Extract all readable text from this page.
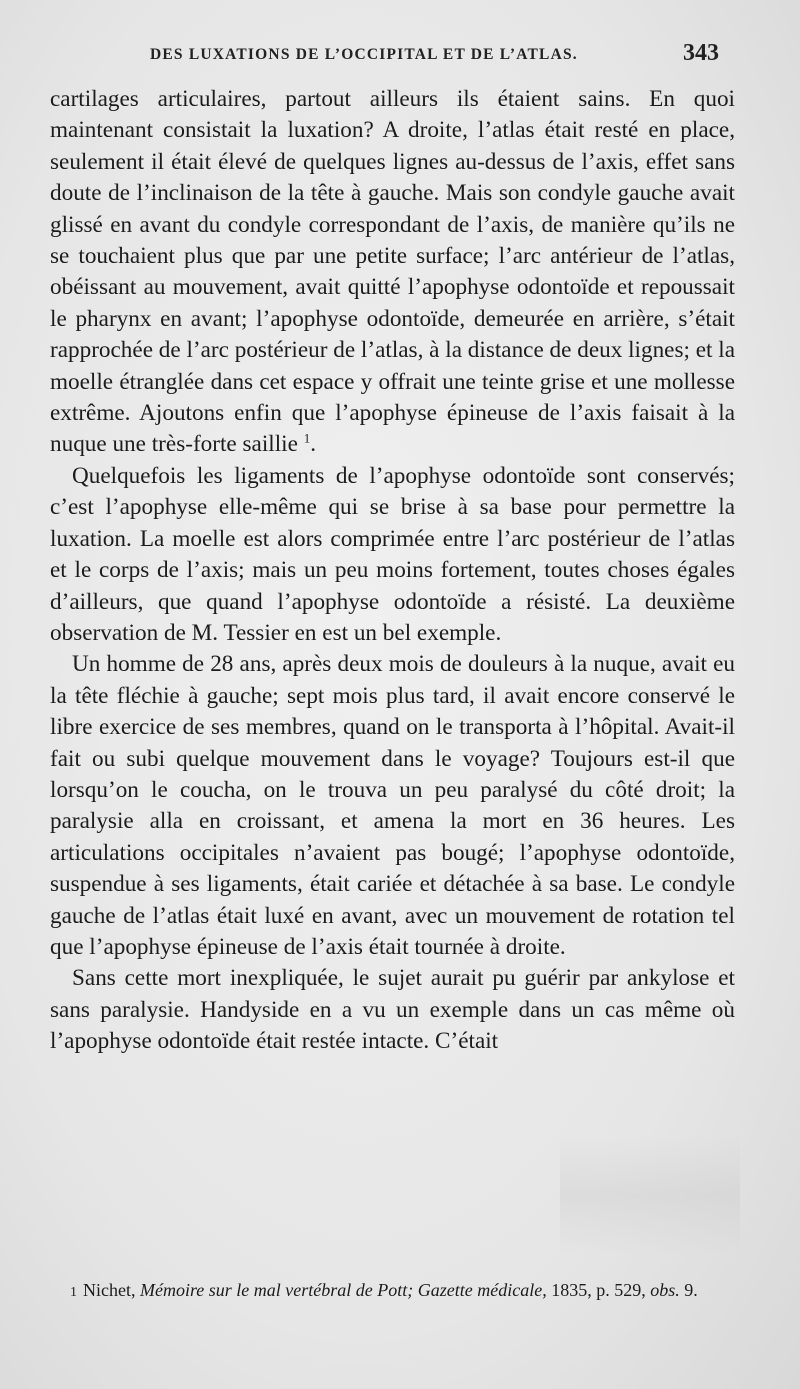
DES LUXATIONS DE L’OCCIPITAL ET DE L’ATLAS.	343

cartilages articulaires, partout ailleurs ils étaient sains. En quoi maintenant consistait la luxation? A droite, l’atlas était resté en place, seulement il était élevé de quelques lignes au-dessus de l’axis, effet sans doute de l’inclinaison de la tête à gauche. Mais son condyle gauche avait glissé en avant du condyle correspondant de l’axis, de manière qu’ils ne se touchaient plus que par une petite surface; l’arc antérieur de l’atlas, obéissant au mouvement, avait quitté l’apophyse odontoïde et repoussait le pharynx en avant; l’apophyse odontoïde, demeurée en arrière, s’était rapprochée de l’arc postérieur de l’atlas, à la distance de deux lignes; et la moelle étranglée dans cet espace y offrait une teinte grise et une mollesse extrême. Ajoutons enfin que l’apophyse épineuse de l’axis faisait à la nuque une très-forte saillie $^1$.

Quelquefois les ligaments de l’apophyse odontoïde sont conservés; c’est l’apophyse elle-même qui se brise à sa base pour permettre la luxation. La moelle est alors comprimée entre l’arc postérieur de l’atlas et le corps de l’axis; mais un peu moins fortement, toutes choses égales d’ailleurs, que quand l’apophyse odontoïde a résisté. La deuxième observation de M. Tessier en est un bel exemple.

Un homme de 28 ans, après deux mois de douleurs à la nuque, avait eu la tête fléchie à gauche; sept mois plus tard, il avait encore conservé le libre exercice de ses membres, quand on le transporta à l’hôpital. Avait-il fait ou subi quelque mouvement dans le voyage? Toujours est-il que lorsqu’on le coucha, on le trouva un peu paralysé du côté droit; la paralysie alla en croissant, et amena la mort en 36 heures. Les articulations occipitales n’avaient pas bougé; l’apophyse odontoïde, suspendue à ses ligaments, était cariée et détachée à sa base. Le condyle gauche de l’atlas était luxé en avant, avec un mouvement de rotation tel que l’apophyse épineuse de l’axis était tournée à droite.

Sans cette mort inexpliquée, le sujet aurait pu guérir par ankylose et sans paralysie. Handyside en a vu un exemple dans un cas même où l’apophyse odontoïde était restée intacte. C’était

1 Nichet, Mémoire sur le mal vertébral de Pott; Gazette médicale, 1835, p. 529, obs. 9.
